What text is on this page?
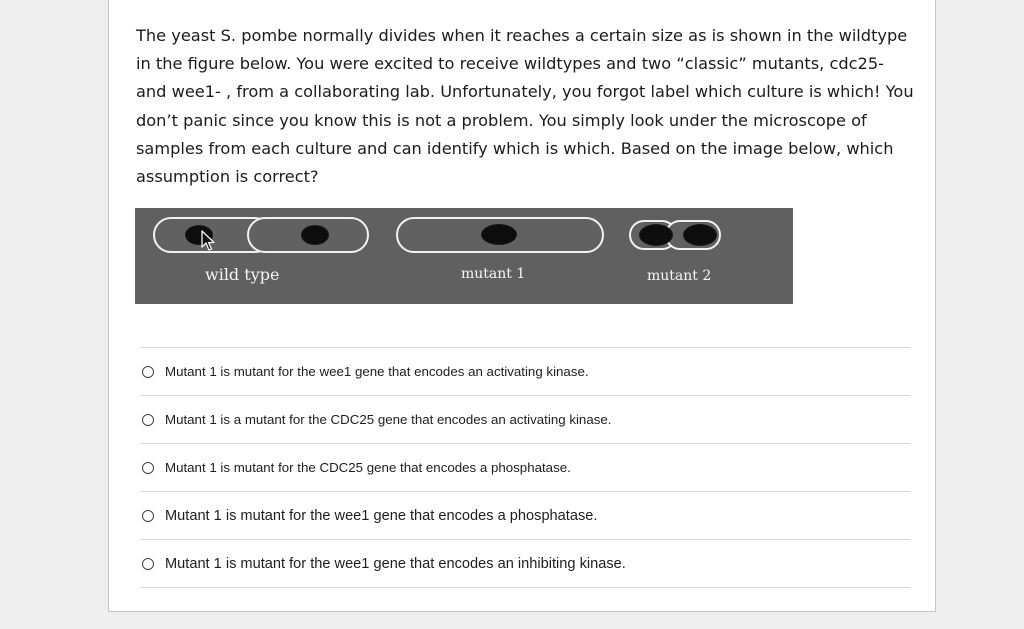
The yeast S. pombe normally divides when it reaches a certain size as is shown in the wildtype in the figure below. You were excited to receive wildtypes and two “classic” mutants, cdc25- and wee1- , from a collaborating lab. Unfortunately, you forgot label which culture is which! You don’t panic since you know this is not a problem. You simply look under the microscope of samples from each culture and can identify which is which. Based on the image below, which assumption is correct?

wild type	mutant 1	mutant 2
Mutant 1 is mutant for the wee1 gene that encodes an activating kinase.
Mutant 1 is a mutant for the CDC25 gene that encodes an activating kinase.
Mutant 1 is mutant for the CDC25 gene that encodes a phosphatase.
Mutant 1 is mutant for the wee1 gene that encodes a phosphatase.
Mutant 1 is mutant for the wee1 gene that encodes an inhibiting kinase.
